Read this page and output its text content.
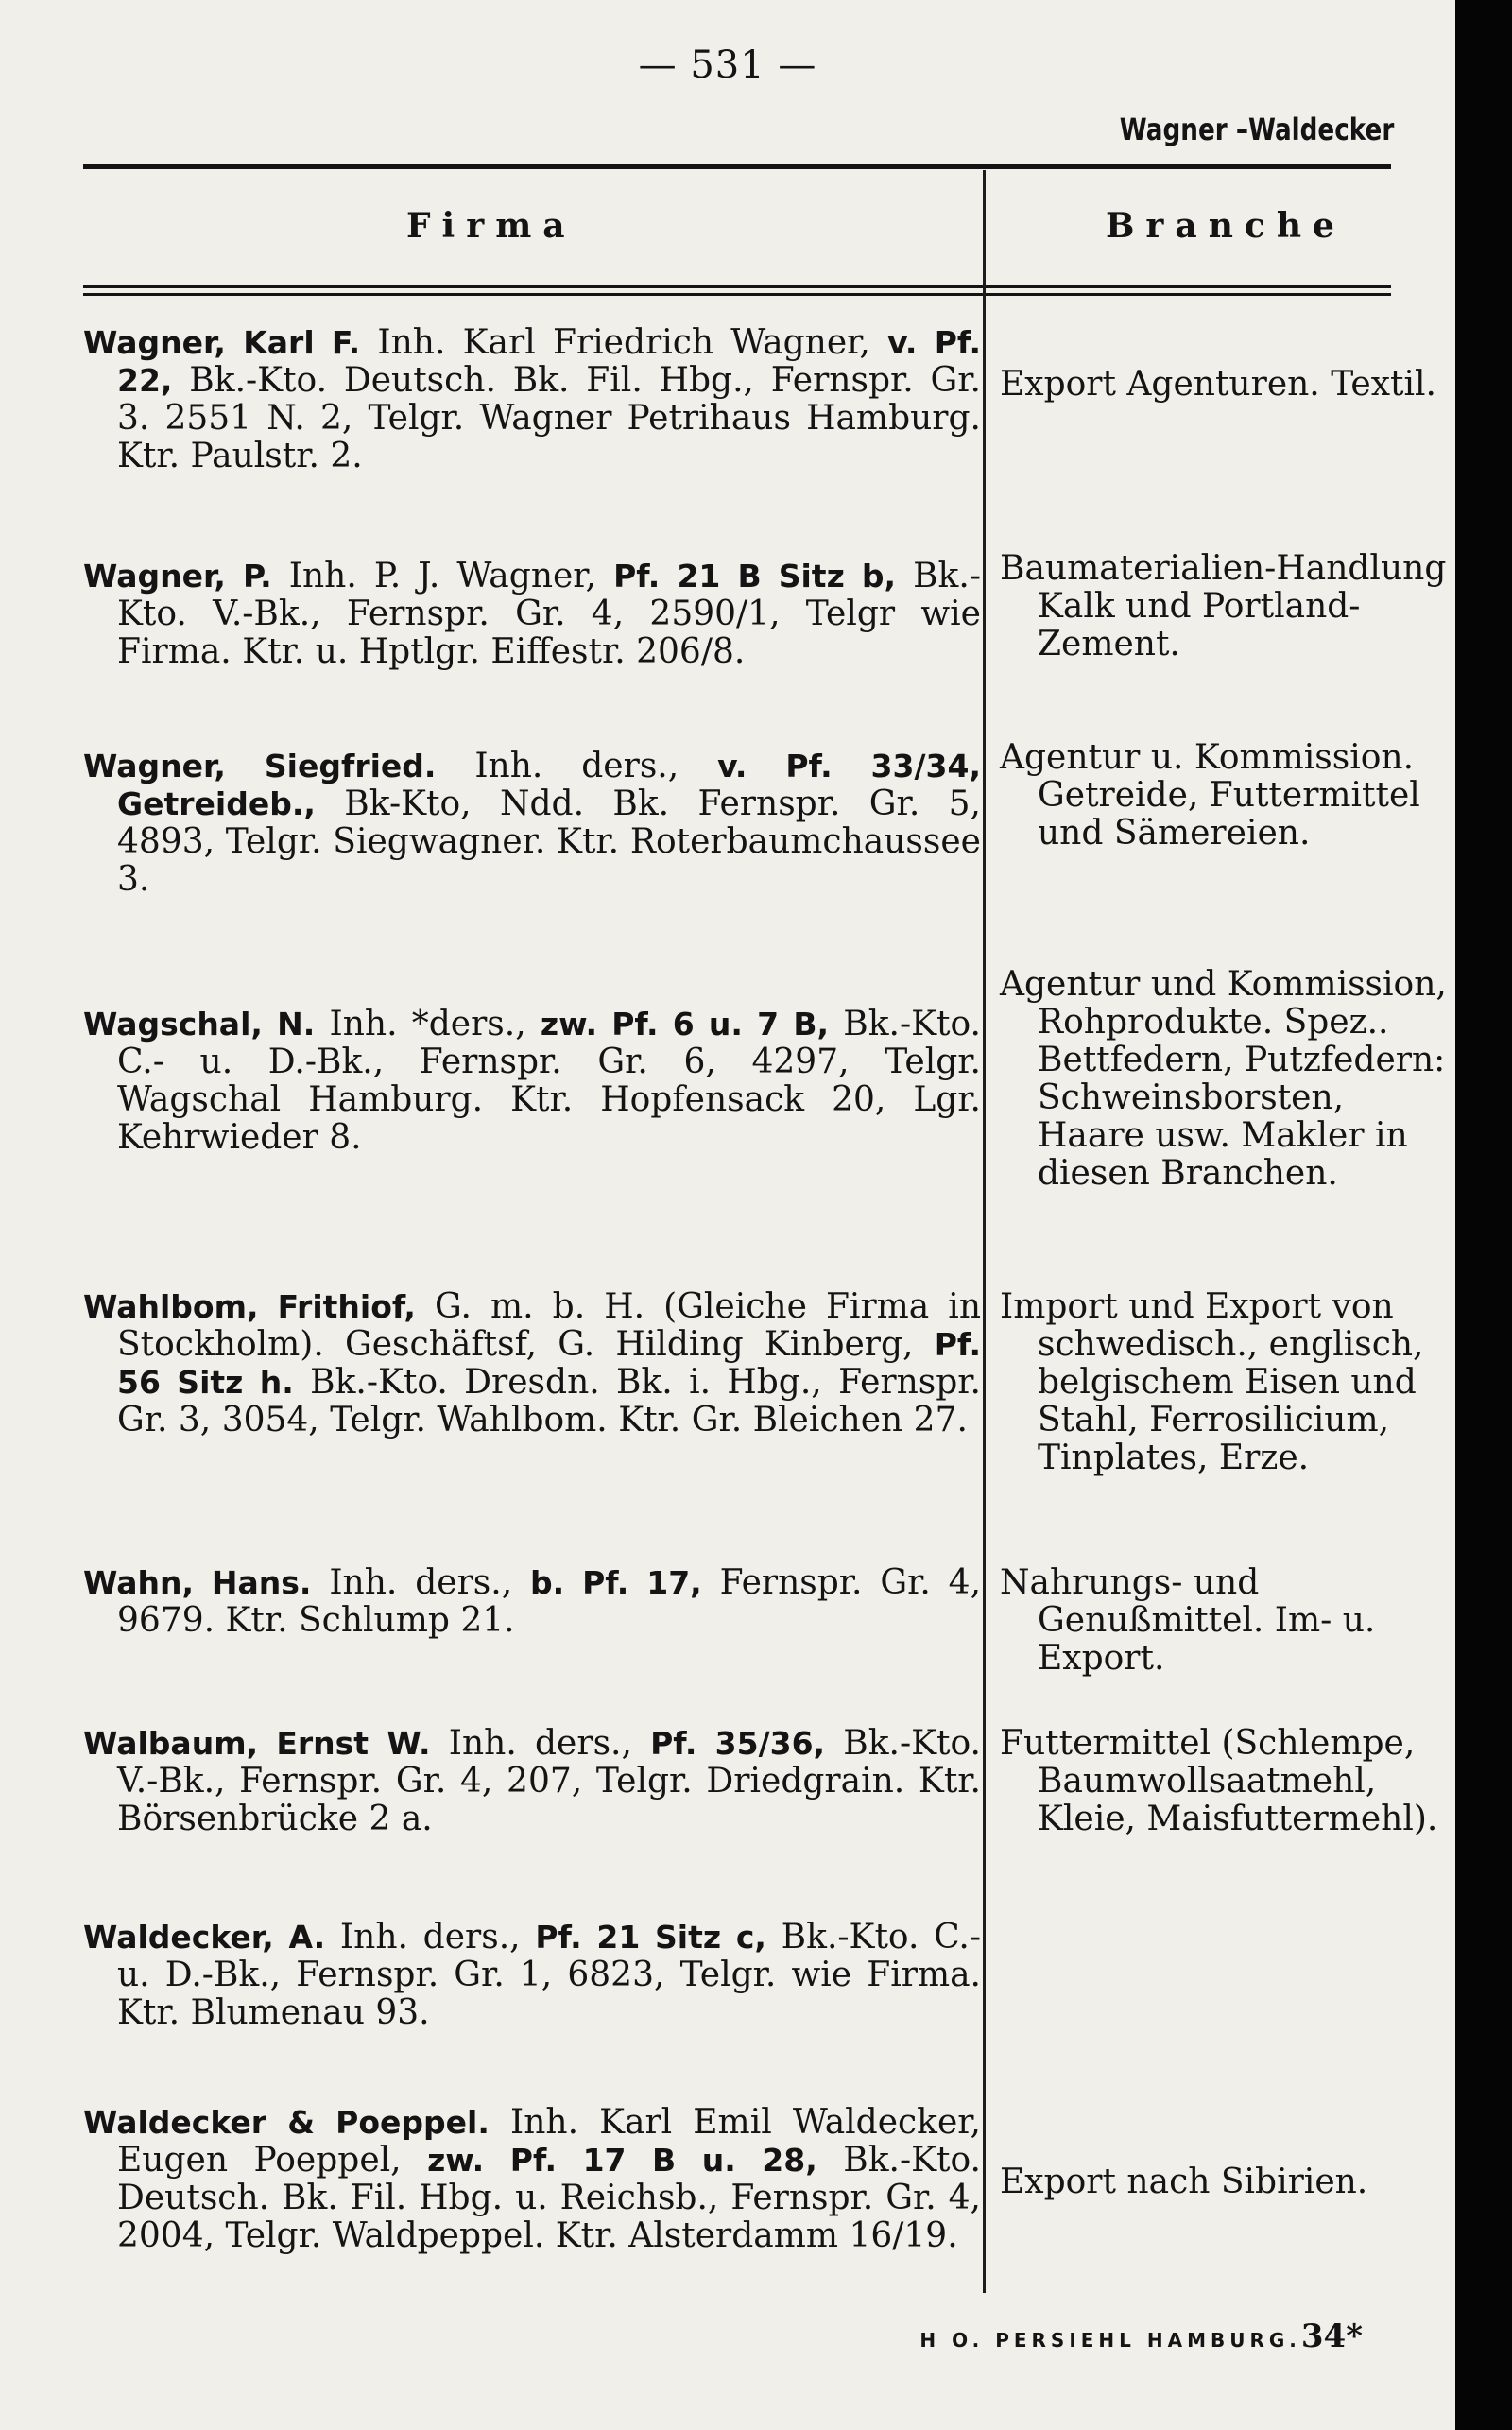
— 531 —
Wagner –Waldecker
Firma	Branche
Wagner, Karl F. Inh. Karl Friedrich Wagner, v. Pf. 22, Bk.-Kto. Deutsch. Bk. Fil. Hbg., Fernspr. Gr. 3. 2551 N. 2, Telgr. Wagner Petrihaus Hamburg. Ktr. Paulstr. 2.
Export Agenturen. Textil.
Wagner, P. Inh. P. J. Wagner, Pf. 21 B Sitz b, Bk.-Kto. V.-Bk., Fernspr. Gr. 4, 2590/1, Telgr wie Firma. Ktr. u. Hptlgr. Eiffestr. 206/8.
Baumaterialien-Handlung Kalk und Portland-Zement.
Wagner, Siegfried. Inh. ders., v. Pf. 33/34, Getreideb., Bk-Kto, Ndd. Bk. Fernspr. Gr. 5, 4893, Telgr. Siegwagner. Ktr. Roterbaumchaussee 3.
Agentur u. Kommission. Getreide, Futtermittel und Sämereien.
Wagschal, N. Inh. *ders., zw. Pf. 6 u. 7 B, Bk.-Kto. C.- u. D.-Bk., Fernspr. Gr. 6, 4297, Telgr. Wagschal Hamburg. Ktr. Hopfensack 20, Lgr. Kehrwieder 8.
Agentur und Kommission, Rohprodukte. Spez.. Bettfedern, Putzfedern: Schweinsborsten, Haare usw. Makler in diesen Branchen.
Wahlbom, Frithiof, G. m. b. H. (Gleiche Firma in Stockholm). Geschäftsf, G. Hilding Kinberg, Pf. 56 Sitz h. Bk.-Kto. Dresdn. Bk. i. Hbg., Fernspr. Gr. 3, 3054, Telgr. Wahlbom. Ktr. Gr. Bleichen 27.
Import und Export von schwedisch., englisch, belgischem Eisen und Stahl, Ferrosilicium, Tinplates, Erze.
Wahn, Hans. Inh. ders., b. Pf. 17, Fernspr. Gr. 4, 9679. Ktr. Schlump 21.
Nahrungs- und Genußmittel. Im- u. Export.
Walbaum, Ernst W. Inh. ders., Pf. 35/36, Bk.-Kto. V.-Bk., Fernspr. Gr. 4, 207, Telgr. Driedgrain. Ktr. Börsenbrücke 2 a.
Futtermittel (Schlempe, Baumwollsaatmehl, Kleie, Maisfuttermehl).
Waldecker, A. Inh. ders., Pf. 21 Sitz c, Bk.-Kto. C.- u. D.-Bk., Fernspr. Gr. 1, 6823, Telgr. wie Firma. Ktr. Blumenau 93.
Waldecker & Poeppel. Inh. Karl Emil Waldecker, Eugen Poeppel, zw. Pf. 17 B u. 28, Bk.-Kto. Deutsch. Bk. Fil. Hbg. u. Reichsb., Fernspr. Gr. 4, 2004, Telgr. Waldpeppel. Ktr. Alsterdamm 16/19.
Export nach Sibirien.
H O. PERSIEHL HAMBURG.34*
